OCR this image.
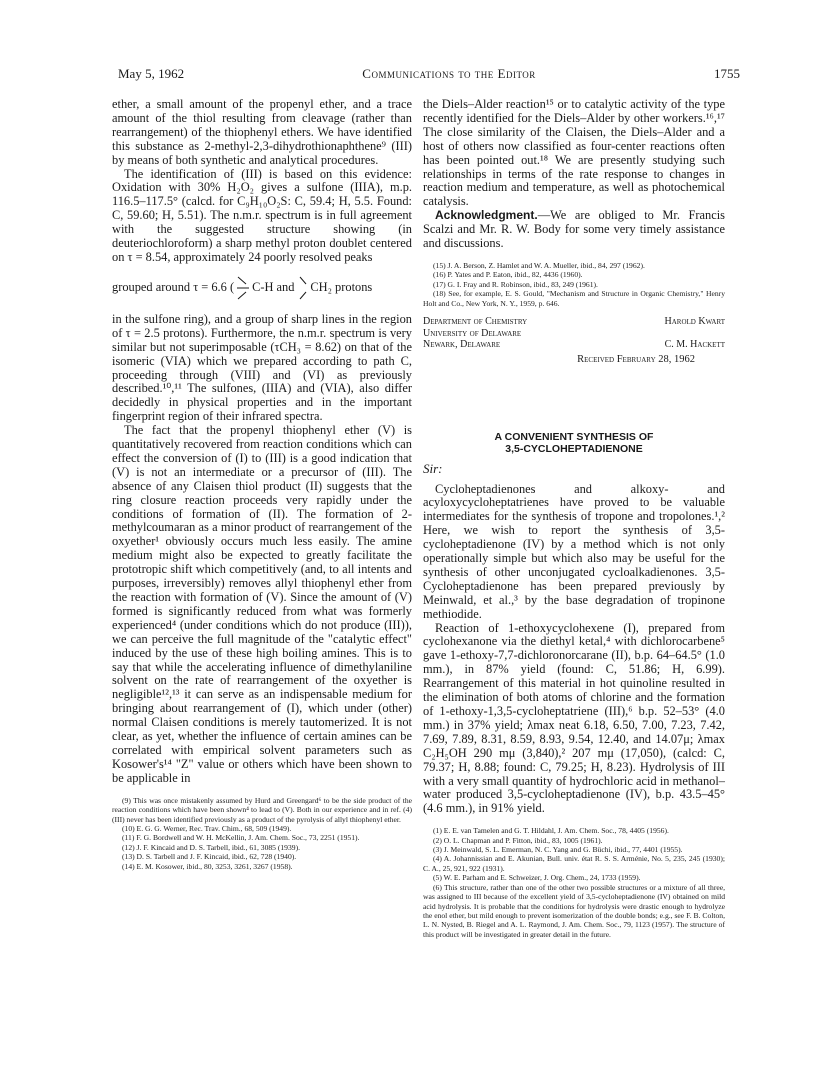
May 5, 1962	Communications to the Editor	1755

ether, a small amount of the propenyl ether, and a trace amount of the thiol resulting from cleavage (rather than rearrangement) of the thiophenyl ethers. We have identified this substance as 2-methyl-2,3-dihydrothionaphthene⁹ (III) by means of both synthetic and analytical procedures.

The identification of (III) is based on this evidence: Oxidation with 30% H₂O₂ gives a sulfone (IIIA), m.p. 116.5–117.5° (calcd. for C₉H₁₀O₂S: C, 59.4; H, 5.5. Found: C, 59.60; H, 5.51). The n.m.r. spectrum is in full agreement with the suggested structure showing (in deuteriochloroform) a sharp methyl proton doublet centered on τ = 8.54, approximately 24 poorly resolved peaks

grouped around τ = 6.6 ( C-H and CH₂ protons

in the sulfone ring), and a group of sharp lines in the region of τ = 2.5 protons). Furthermore, the n.m.r. spectrum is very similar but not superimposable (τCH₃ = 8.62) on that of the isomeric (VIA) which we prepared according to path C, proceeding through (VIII) and (VI) as previously described.¹⁰,¹¹ The sulfones, (IIIA) and (VIA), also differ decidedly in physical properties and in the important fingerprint region of their infrared spectra.

The fact that the propenyl thiophenyl ether (V) is quantitatively recovered from reaction conditions which can effect the conversion of (I) to (III) is a good indication that (V) is not an intermediate or a precursor of (III). The absence of any Claisen thiol product (II) suggests that the ring closure reaction proceeds very rapidly under the conditions of formation of (II). The formation of 2-methylcoumaran as a minor product of rearrangement of the oxyether¹ obviously occurs much less easily. The amine medium might also be expected to greatly facilitate the prototropic shift which competitively (and, to all intents and purposes, irreversibly) removes allyl thiophenyl ether from the reaction with formation of (V). Since the amount of (V) formed is significantly reduced from what was formerly experienced⁴ (under conditions which do not produce (III)), we can perceive the full magnitude of the "catalytic effect" induced by the use of these high boiling amines. This is to say that while the accelerating influence of dimethylaniline solvent on the rate of rearrangement of the oxyether is negligible¹²,¹³ it can serve as an indispensable medium for bringing about rearrangement of (I), which under (other) normal Claisen conditions is merely tautomerized. It is not clear, as yet, whether the influence of certain amines can be correlated with empirical solvent parameters such as Kosower's¹⁴ "Z" value or others which have been shown to be applicable in

(9) This was once mistakenly assumed by Hurd and Greengard⁶ to be the side product of the reaction conditions which have been shown⁴ to lead to (V). Both in our experience and in ref. (4) (III) never has been identified previously as a product of the pyrolysis of allyl thiophenyl ether.

(10) E. G. G. Werner, Rec. Trav. Chim., 68, 509 (1949).

(11) F. G. Bordwell and W. H. McKellin, J. Am. Chem. Soc., 73, 2251 (1951).

(12) J. F. Kincaid and D. S. Tarbell, ibid., 61, 3085 (1939).

(13) D. S. Tarbell and J. F. Kincaid, ibid., 62, 728 (1940).

(14) E. M. Kosower, ibid., 80, 3253, 3261, 3267 (1958).

the Diels–Alder reaction¹⁵ or to catalytic activity of the type recently identified for the Diels–Alder by other workers.¹⁶,¹⁷ The close similarity of the Claisen, the Diels–Alder and a host of others now classified as four-center reactions often has been pointed out.¹⁸ We are presently studying such relationships in terms of the rate response to changes in reaction medium and temperature, as well as photochemical catalysis.

Acknowledgment.—We are obliged to Mr. Francis Scalzi and Mr. R. W. Body for some very timely assistance and discussions.

(15) J. A. Berson, Z. Hamlet and W. A. Mueller, ibid., 84, 297 (1962).

(16) P. Yates and P. Eaton, ibid., 82, 4436 (1960).

(17) G. I. Fray and R. Robinson, ibid., 83, 249 (1961).

(18) See, for example, E. S. Gould, "Mechanism and Structure in Organic Chemistry," Henry Holt and Co., New York, N. Y., 1959, p. 646.

Department of Chemistry	Harold Kwart
University of Delaware
Newark, Delaware	C. M. Hackett
Received February 28, 1962
A CONVENIENT SYNTHESIS OF
3,5-CYCLOHEPTADIENONE
Sir:

Cycloheptadienones and alkoxy- and acyloxycycloheptatrienes have proved to be valuable intermediates for the synthesis of tropone and tropolones.¹,² Here, we wish to report the synthesis of 3,5-cycloheptadienone (IV) by a method which is not only operationally simple but which also may be useful for the synthesis of other unconjugated cycloalkadienones. 3,5-Cycloheptadienone has been prepared previously by Meinwald, et al.,³ by the base degradation of tropinone methiodide.

Reaction of 1-ethoxycyclohexene (I), prepared from cyclohexanone via the diethyl ketal,⁴ with dichlorocarbene⁵ gave 1-ethoxy-7,7-dichloronorcarane (II), b.p. 64–64.5° (1.0 mm.), in 87% yield (found: C, 51.86; H, 6.99). Rearrangement of this material in hot quinoline resulted in the elimination of both atoms of chlorine and the formation of 1-ethoxy-1,3,5-cycloheptatriene (III),⁶ b.p. 52–53° (4.0 mm.) in 37% yield; λmax neat 6.18, 6.50, 7.00, 7.23, 7.42, 7.69, 7.89, 8.31, 8.59, 8.93, 9.54, 12.40, and 14.07μ; λmax C₂H₅OH 290 mμ (3,840),² 207 mμ (17,050), (calcd: C, 79.37; H, 8.88; found: C, 79.25; H, 8.23). Hydrolysis of III with a very small quantity of hydrochloric acid in methanol–water produced 3,5-cycloheptadienone (IV), b.p. 43.5–45° (4.6 mm.), in 91% yield.

(1) E. E. van Tamelen and G. T. Hildahl, J. Am. Chem. Soc., 78, 4405 (1956).

(2) O. L. Chapman and P. Fitton, ibid., 83, 1005 (1961).

(3) J. Meinwald, S. L. Emerman, N. C. Yang and G. Büchi, ibid., 77, 4401 (1955).

(4) A. Johannissian and E. Akunian, Bull. univ. état R. S. S. Arménie, No. 5, 235, 245 (1930); C. A., 25, 921, 922 (1931).

(5) W. E. Parham and E. Schweizer, J. Org. Chem., 24, 1733 (1959).

(6) This structure, rather than one of the other two possible structures or a mixture of all three, was assigned to III because of the excellent yield of 3,5-cycloheptadienone (IV) obtained on mild acid hydrolysis. It is probable that the conditions for hydrolysis were drastic enough to hydrolyze the enol ether, but mild enough to prevent isomerization of the double bonds; e.g., see F. B. Colton, L. N. Nysted, B. Riegel and A. L. Raymond, J. Am. Chem. Soc., 79, 1123 (1957). The structure of this product will be investigated in greater detail in the future.
